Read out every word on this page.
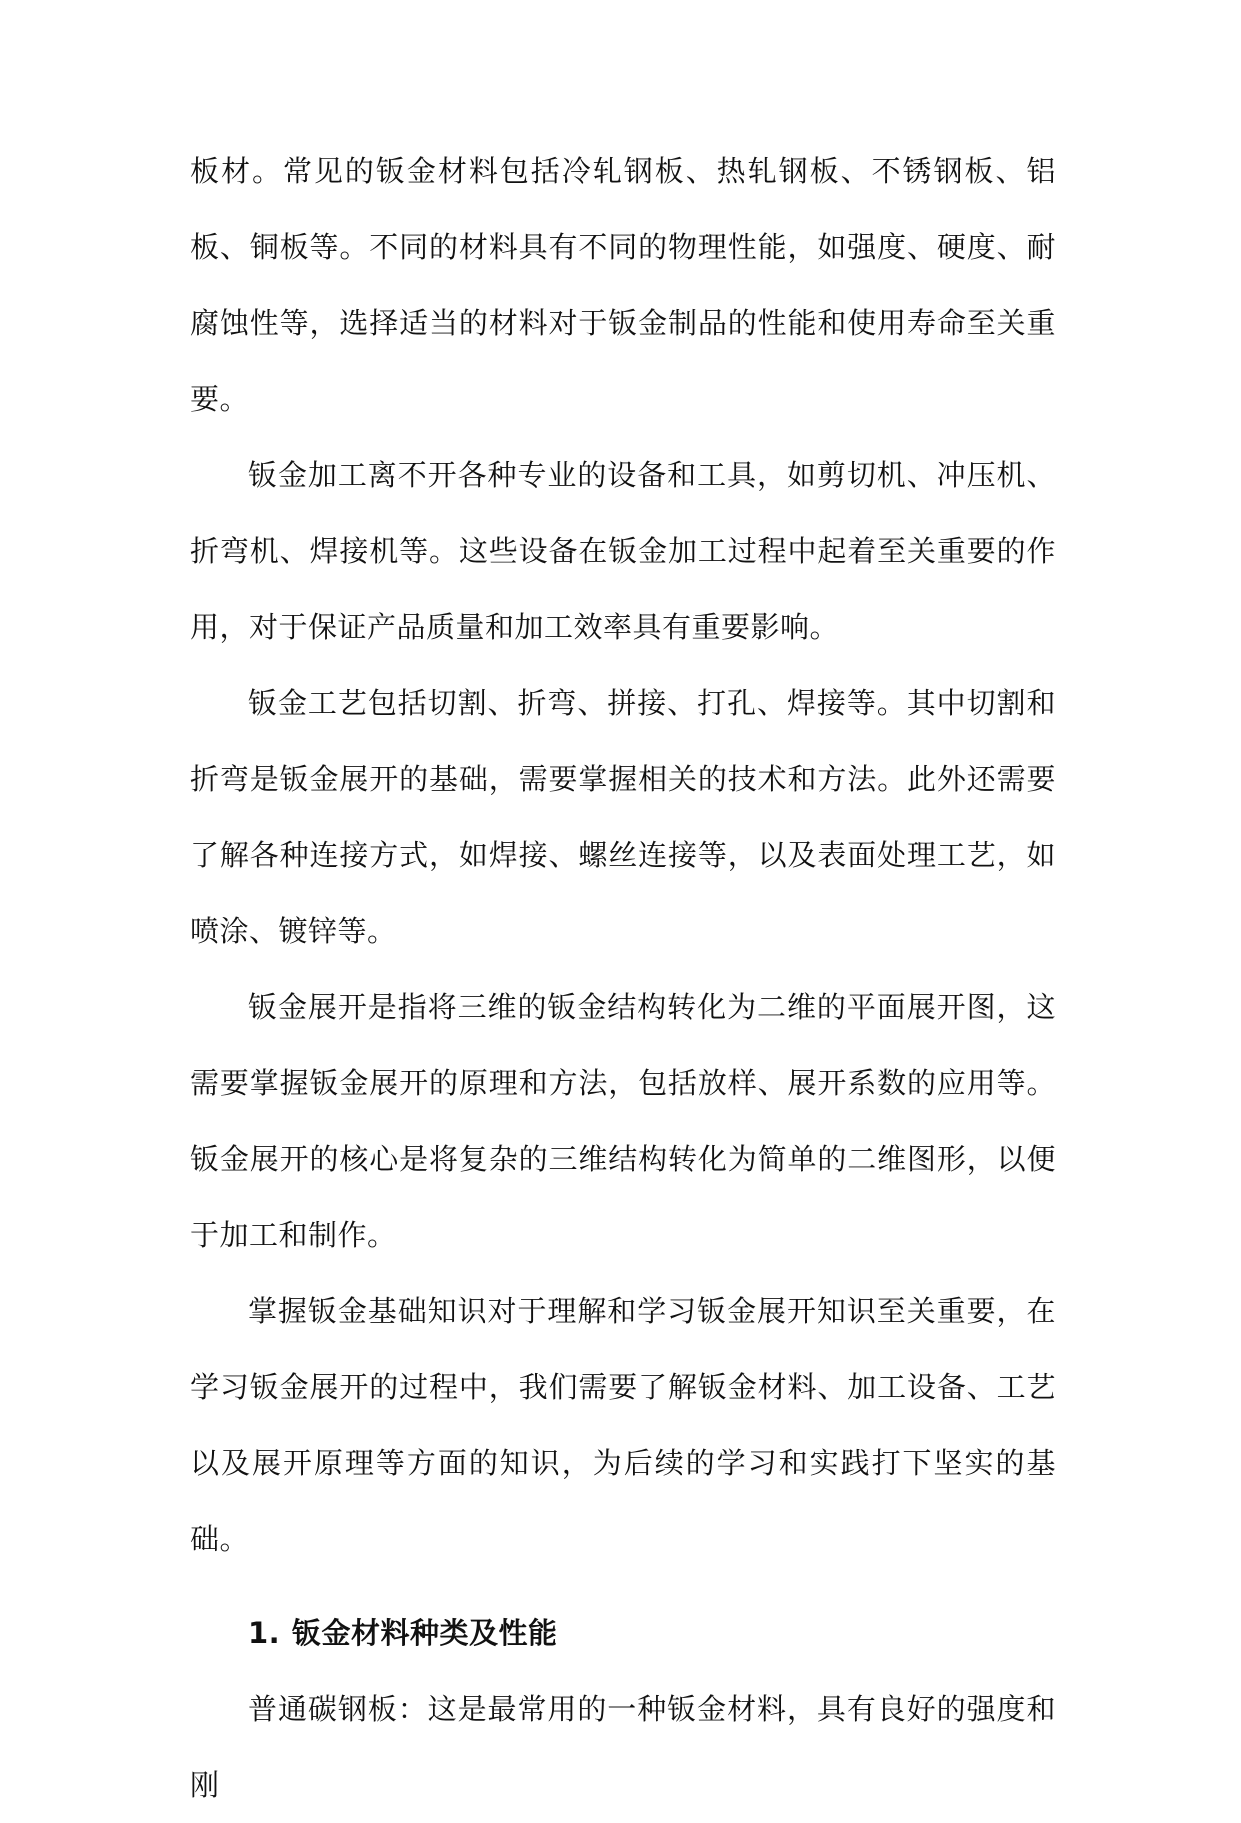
板材。常见的钣金材料包括冷轧钢板、热轧钢板、不锈钢板、铝板、铜板等。不同的材料具有不同的物理性能，如强度、硬度、耐腐蚀性等，选择适当的材料对于钣金制品的性能和使用寿命至关重要。

钣金加工离不开各种专业的设备和工具，如剪切机、冲压机、折弯机、焊接机等。这些设备在钣金加工过程中起着至关重要的作用，对于保证产品质量和加工效率具有重要影响。

钣金工艺包括切割、折弯、拼接、打孔、焊接等。其中切割和折弯是钣金展开的基础，需要掌握相关的技术和方法。此外还需要了解各种连接方式，如焊接、螺丝连接等，以及表面处理工艺，如喷涂、镀锌等。

钣金展开是指将三维的钣金结构转化为二维的平面展开图，这需要掌握钣金展开的原理和方法，包括放样、展开系数的应用等。钣金展开的核心是将复杂的三维结构转化为简单的二维图形，以便于加工和制作。

掌握钣金基础知识对于理解和学习钣金展开知识至关重要，在学习钣金展开的过程中，我们需要了解钣金材料、加工设备、工艺以及展开原理等方面的知识，为后续的学习和实践打下坚实的基础。

1. 钣金材料种类及性能

普通碳钢板：这是最常用的一种钣金材料，具有良好的强度和刚
